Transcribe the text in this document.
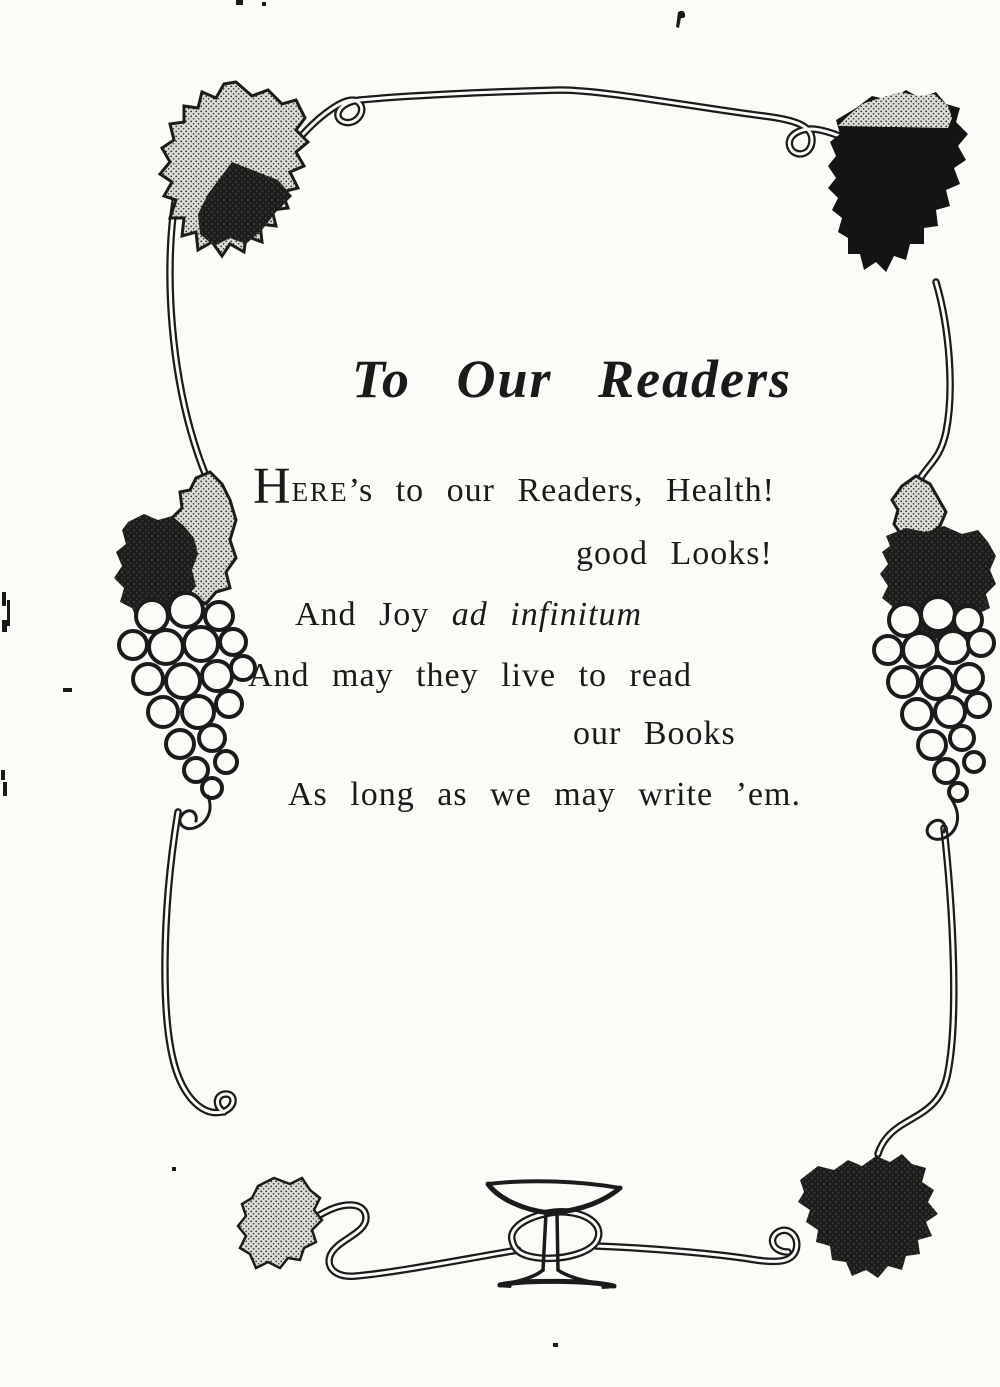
To Our Readers
HERE’s to our Readers, Health!
good Looks!
And Joy ad infinitum
And may they live to read
our Books
As long as we may write ’em.
